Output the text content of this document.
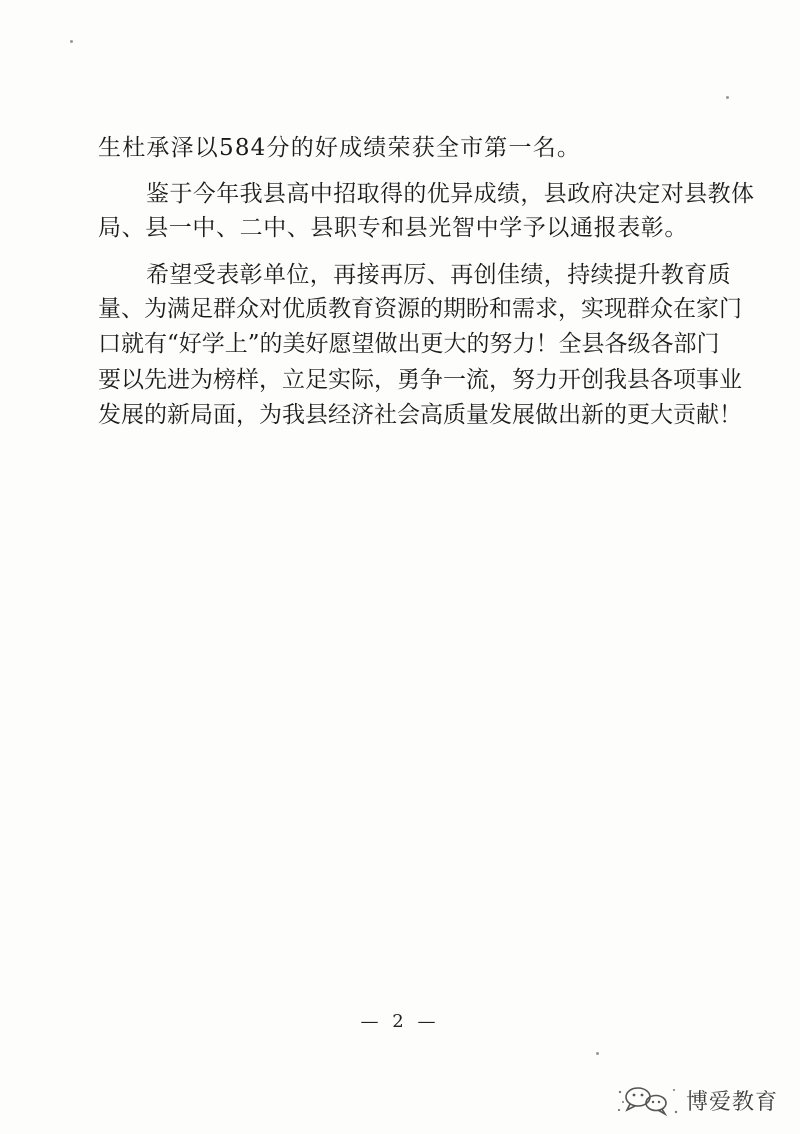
生杜承泽以584分的好成绩荣获全市第一名。
鉴于今年我县高中招取得的优异成绩，县政府决定对县教体
局、县一中、二中、县职专和县光智中学予以通报表彰。
希望受表彰单位，再接再厉、再创佳绩，持续提升教育质
量、为满足群众对优质教育资源的期盼和需求，实现群众在家门
口就有“好学上”的美好愿望做出更大的努力！全县各级各部门
要以先进为榜样，立足实际，勇争一流，努力开创我县各项事业
发展的新局面，为我县经济社会高质量发展做出新的更大贡献！
— 2 —
博爱教育
